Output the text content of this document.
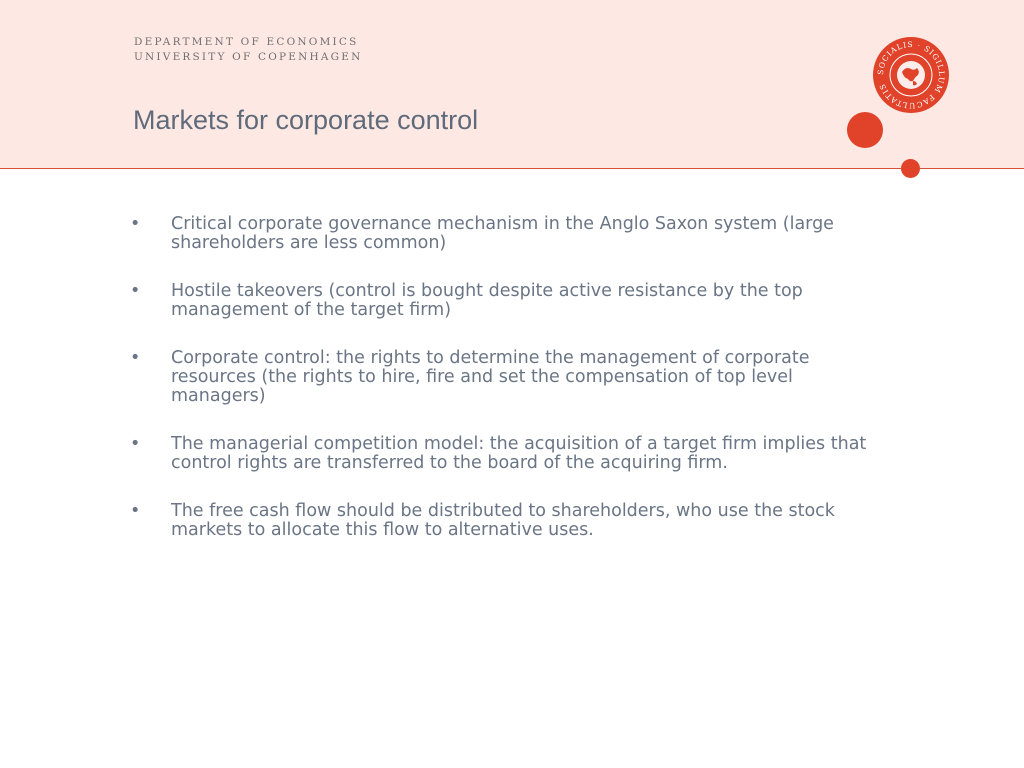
DEPARTMENT OF ECONOMICS
UNIVERSITY OF COPENHAGEN
Markets for corporate control
SOCIALIS · SIGILLUM FACULTATIS
• Critical corporate governance mechanism in the Anglo Saxon system (large shareholders are less common)
• Hostile takeovers (control is bought despite active resistance by the top management of the target firm)
• Corporate control: the rights to determine the management of corporate resources (the rights to hire, fire and set the compensation of top level managers)
• The managerial competition model: the acquisition of a target firm implies that control rights are transferred to the board of the acquiring firm.
• The free cash flow should be distributed to shareholders, who use the stock markets to allocate this flow to alternative uses.
